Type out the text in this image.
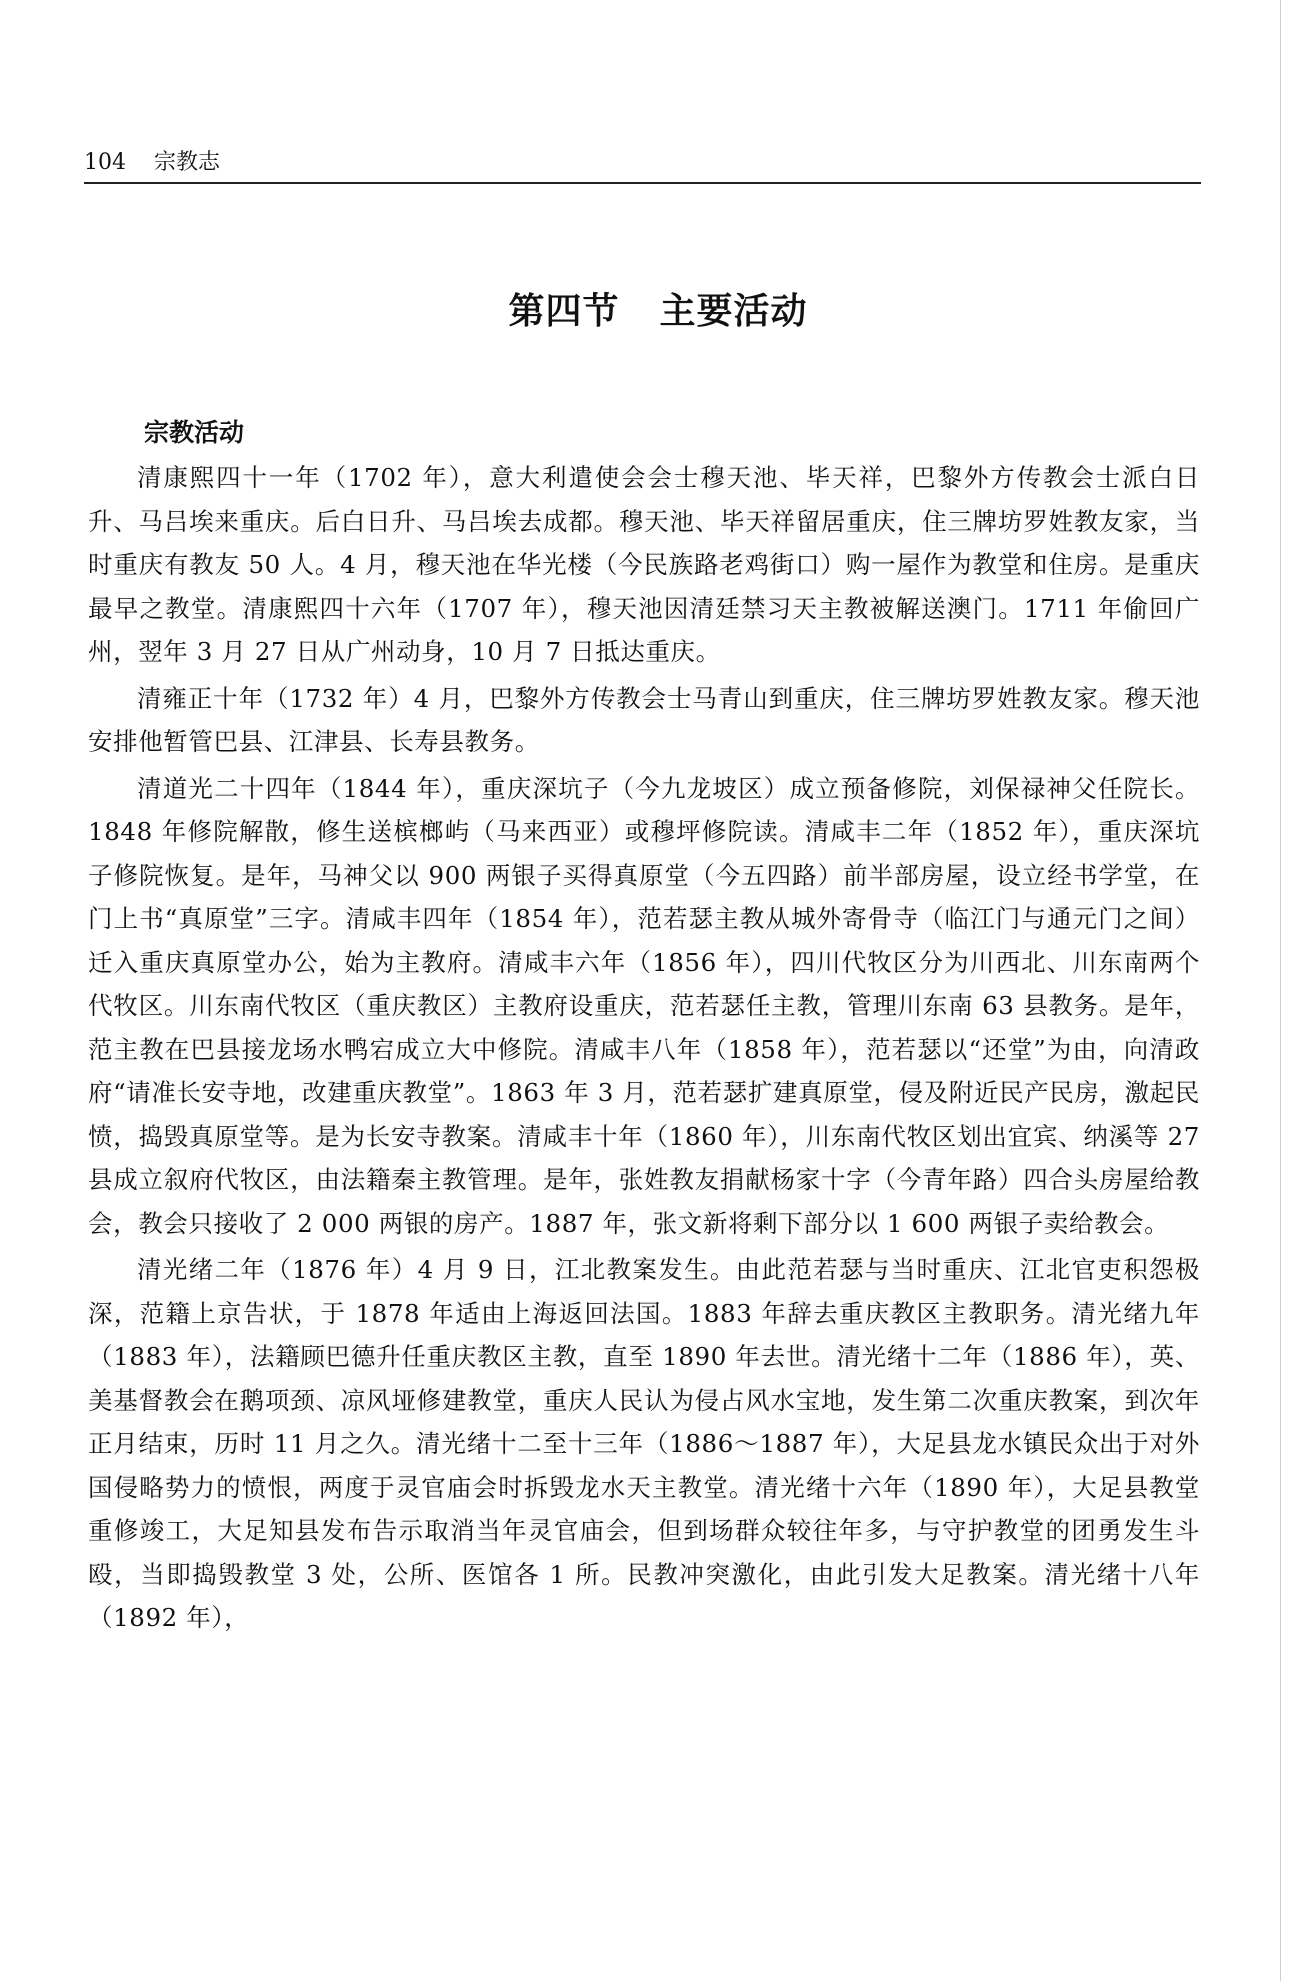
104 宗教志
第四节 主要活动
宗教活动

清康熙四十一年（1702 年），意大利遣使会会士穆天池、毕天祥，巴黎外方传教会士派白日升、马吕埃来重庆。后白日升、马吕埃去成都。穆天池、毕天祥留居重庆，住三牌坊罗姓教友家，当时重庆有教友 50 人。4 月，穆天池在华光楼（今民族路老鸡街口）购一屋作为教堂和住房。是重庆最早之教堂。清康熙四十六年（1707 年），穆天池因清廷禁习天主教被解送澳门。1711 年偷回广州，翌年 3 月 27 日从广州动身，10 月 7 日抵达重庆。

清雍正十年（1732 年）4 月，巴黎外方传教会士马青山到重庆，住三牌坊罗姓教友家。穆天池安排他暂管巴县、江津县、长寿县教务。

清道光二十四年（1844 年），重庆深坑子（今九龙坡区）成立预备修院，刘保禄神父任院长。1848 年修院解散，修生送槟榔屿（马来西亚）或穆坪修院读。清咸丰二年（1852 年），重庆深坑子修院恢复。是年，马神父以 900 两银子买得真原堂（今五四路）前半部房屋，设立经书学堂，在门上书“真原堂”三字。清咸丰四年（1854 年），范若瑟主教从城外寄骨寺（临江门与通元门之间）迁入重庆真原堂办公，始为主教府。清咸丰六年（1856 年），四川代牧区分为川西北、川东南两个代牧区。川东南代牧区（重庆教区）主教府设重庆，范若瑟任主教，管理川东南 63 县教务。是年，范主教在巴县接龙场水鸭宕成立大中修院。清咸丰八年（1858 年），范若瑟以“还堂”为由，向清政府“请准长安寺地，改建重庆教堂”。1863 年 3 月，范若瑟扩建真原堂，侵及附近民产民房，激起民愤，捣毁真原堂等。是为长安寺教案。清咸丰十年（1860 年），川东南代牧区划出宜宾、纳溪等 27 县成立叙府代牧区，由法籍秦主教管理。是年，张姓教友捐献杨家十字（今青年路）四合头房屋给教会，教会只接收了 2 000 两银的房产。1887 年，张文新将剩下部分以 1 600 两银子卖给教会。

清光绪二年（1876 年）4 月 9 日，江北教案发生。由此范若瑟与当时重庆、江北官吏积怨极深，范籍上京告状，于 1878 年适由上海返回法国。1883 年辞去重庆教区主教职务。清光绪九年（1883 年），法籍顾巴德升任重庆教区主教，直至 1890 年去世。清光绪十二年（1886 年），英、美基督教会在鹅项颈、凉风垭修建教堂，重庆人民认为侵占风水宝地，发生第二次重庆教案，到次年正月结束，历时 11 月之久。清光绪十二至十三年（1886～1887 年），大足县龙水镇民众出于对外国侵略势力的愤恨，两度于灵官庙会时拆毁龙水天主教堂。清光绪十六年（1890 年），大足县教堂重修竣工，大足知县发布告示取消当年灵官庙会，但到场群众较往年多，与守护教堂的团勇发生斗殴，当即捣毁教堂 3 处，公所、医馆各 1 所。民教冲突激化，由此引发大足教案。清光绪十八年（1892 年），
